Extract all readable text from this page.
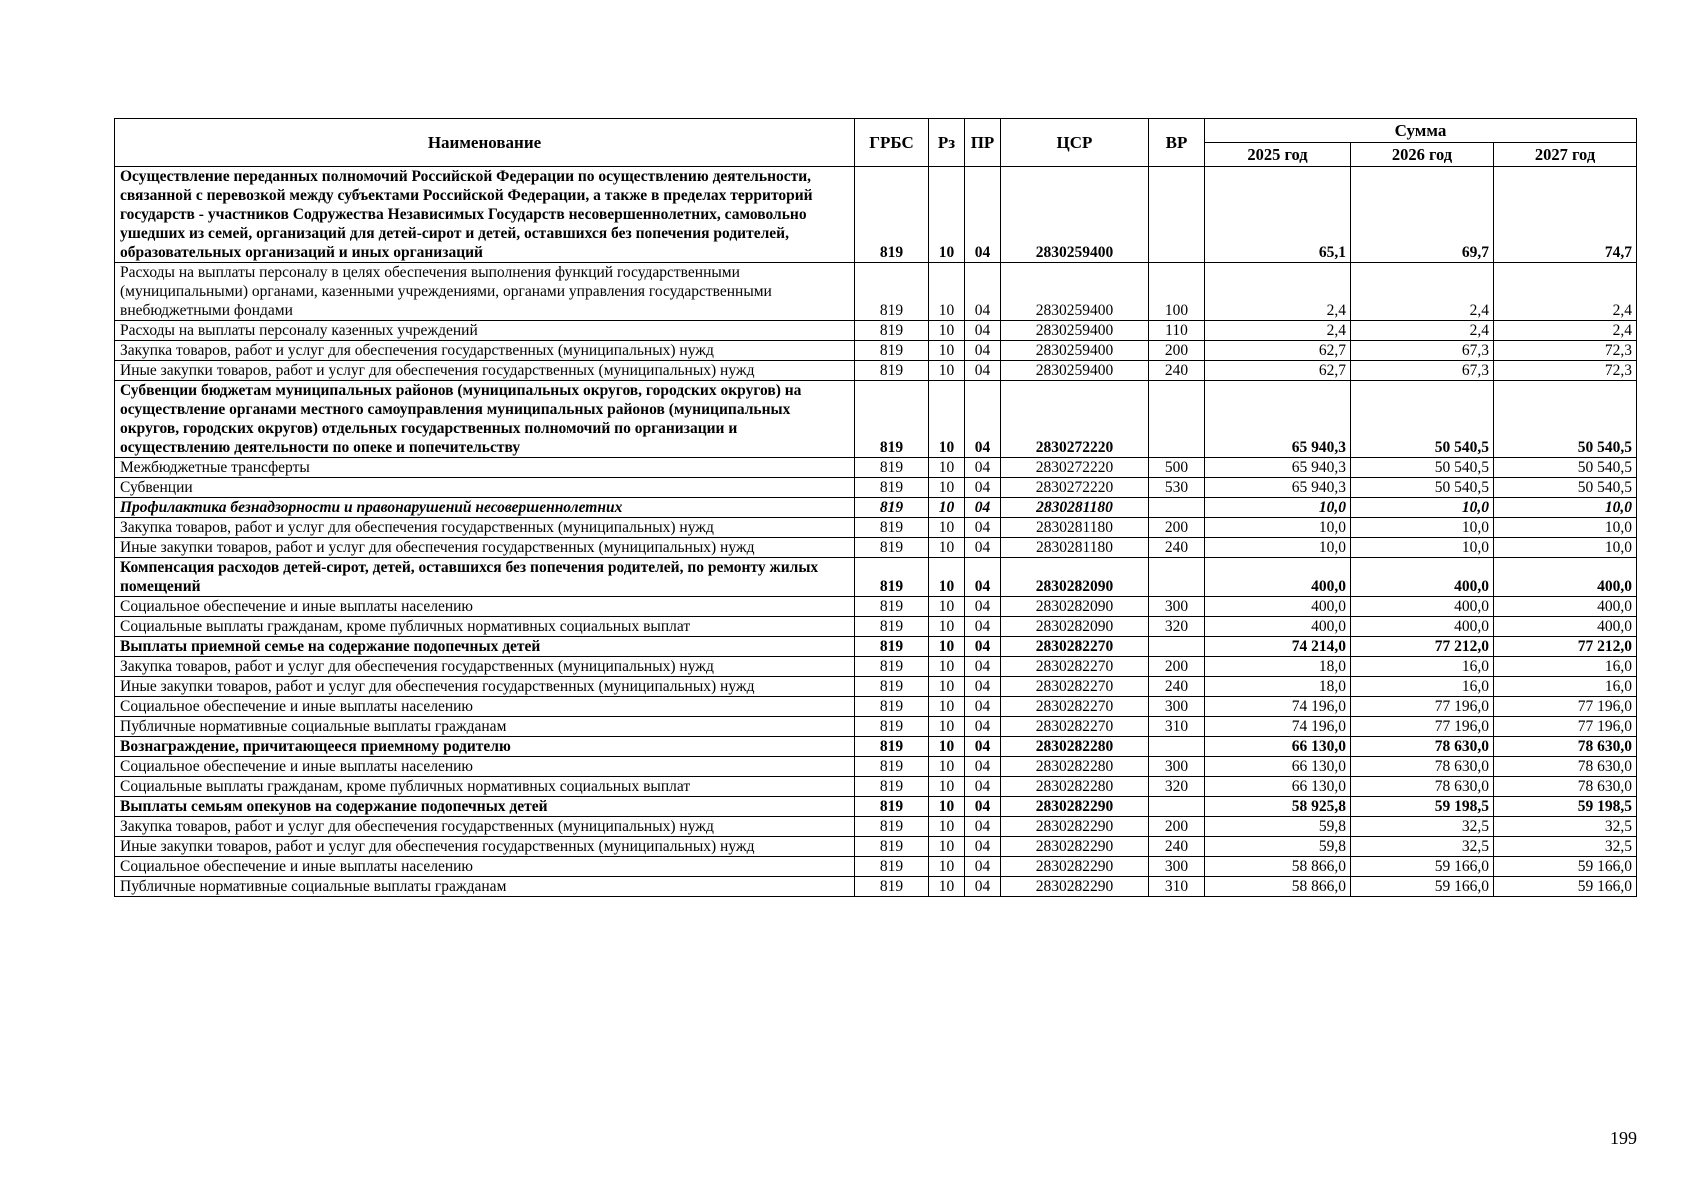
Наименование	ГРБС	Рз	ПР	ЦСР	ВР	Сумма		
						2025 год	2026 год	2027 год
Осуществление переданных полномочий Российской Федерации по осуществлению деятельности, связанной с перевозкой между субъектами Российской Федерации, а также в пределах территорий государств - участников Содружества Независимых Государств несовершеннолетних, самовольно ушедших из семей, организаций для детей-сирот и детей, оставшихся без попечения родителей, образовательных организаций и иных организаций	819	10	04	2830259400		65,1	69,7	74,7
Расходы на выплаты персоналу в целях обеспечения выполнения функций государственными (муниципальными) органами, казенными учреждениями, органами управления государственными внебюджетными фондами	819	10	04	2830259400	100	2,4	2,4	2,4
Расходы на выплаты персоналу казенных учреждений	819	10	04	2830259400	110	2,4	2,4	2,4
Закупка товаров, работ и услуг для обеспечения государственных (муниципальных) нужд	819	10	04	2830259400	200	62,7	67,3	72,3
Иные закупки товаров, работ и услуг для обеспечения государственных (муниципальных) нужд	819	10	04	2830259400	240	62,7	67,3	72,3
Субвенции бюджетам муниципальных районов (муниципальных округов, городских округов) на осуществление органами местного самоуправления муниципальных районов (муниципальных округов, городских округов) отдельных государственных полномочий по организации и осуществлению деятельности по опеке и попечительству	819	10	04	2830272220		65 940,3	50 540,5	50 540,5
Межбюджетные трансферты	819	10	04	2830272220	500	65 940,3	50 540,5	50 540,5
Субвенции	819	10	04	2830272220	530	65 940,3	50 540,5	50 540,5
Профилактика безнадзорности и правонарушений несовершеннолетних	819	10	04	2830281180		10,0	10,0	10,0
Закупка товаров, работ и услуг для обеспечения государственных (муниципальных) нужд	819	10	04	2830281180	200	10,0	10,0	10,0
Иные закупки товаров, работ и услуг для обеспечения государственных (муниципальных) нужд	819	10	04	2830281180	240	10,0	10,0	10,0
Компенсация расходов детей-сирот, детей, оставшихся без попечения родителей, по ремонту жилых помещений	819	10	04	2830282090		400,0	400,0	400,0
Социальное обеспечение и иные выплаты населению	819	10	04	2830282090	300	400,0	400,0	400,0
Социальные выплаты гражданам, кроме публичных нормативных социальных выплат	819	10	04	2830282090	320	400,0	400,0	400,0
Выплаты приемной семье на содержание подопечных детей	819	10	04	2830282270		74 214,0	77 212,0	77 212,0
Закупка товаров, работ и услуг для обеспечения государственных (муниципальных) нужд	819	10	04	2830282270	200	18,0	16,0	16,0
Иные закупки товаров, работ и услуг для обеспечения государственных (муниципальных) нужд	819	10	04	2830282270	240	18,0	16,0	16,0
Социальное обеспечение и иные выплаты населению	819	10	04	2830282270	300	74 196,0	77 196,0	77 196,0
Публичные нормативные социальные выплаты гражданам	819	10	04	2830282270	310	74 196,0	77 196,0	77 196,0
Вознаграждение, причитающееся приемному родителю	819	10	04	2830282280		66 130,0	78 630,0	78 630,0
Социальное обеспечение и иные выплаты населению	819	10	04	2830282280	300	66 130,0	78 630,0	78 630,0
Социальные выплаты гражданам, кроме публичных нормативных социальных выплат	819	10	04	2830282280	320	66 130,0	78 630,0	78 630,0
Выплаты семьям опекунов на содержание подопечных детей	819	10	04	2830282290		58 925,8	59 198,5	59 198,5
Закупка товаров, работ и услуг для обеспечения государственных (муниципальных) нужд	819	10	04	2830282290	200	59,8	32,5	32,5
Иные закупки товаров, работ и услуг для обеспечения государственных (муниципальных) нужд	819	10	04	2830282290	240	59,8	32,5	32,5
Социальное обеспечение и иные выплаты населению	819	10	04	2830282290	300	58 866,0	59 166,0	59 166,0
Публичные нормативные социальные выплаты гражданам	819	10	04	2830282290	310	58 866,0	59 166,0	59 166,0
199
